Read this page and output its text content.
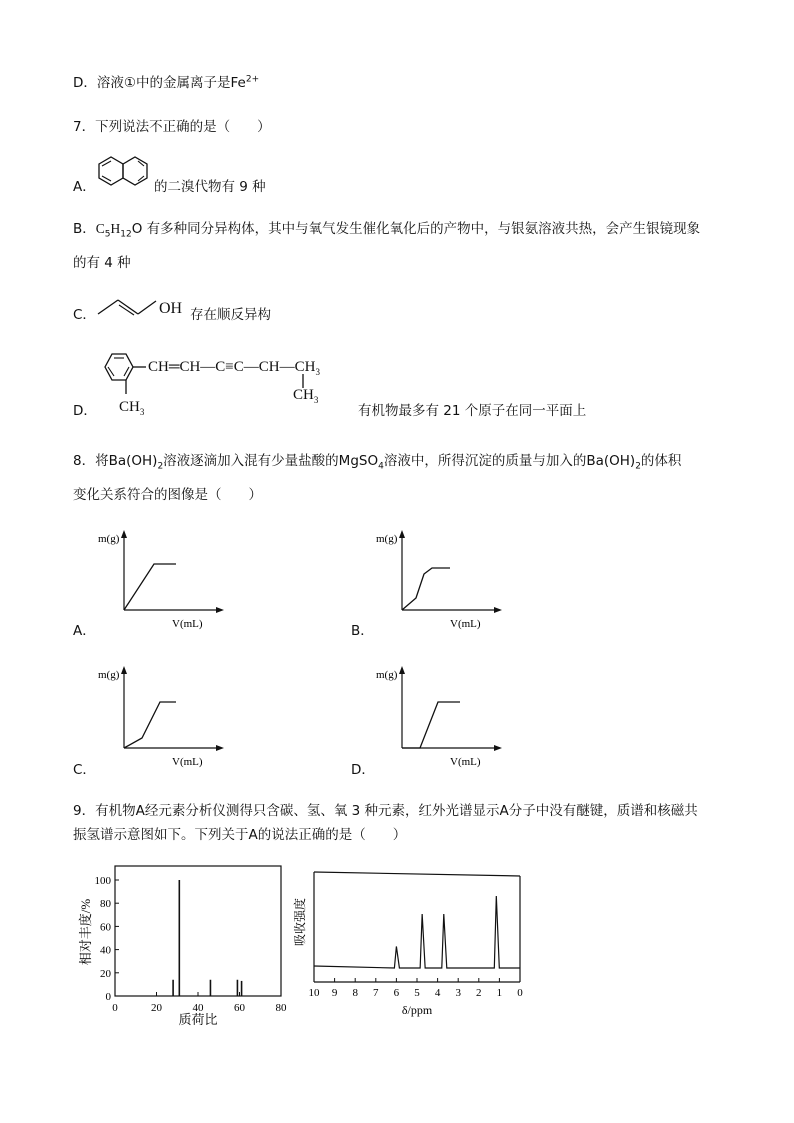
D．溶液①中的金属离子是$Fe^{2+}$
7．下列说法不正确的是（　　）
A．	的二溴代物有 9 种
B．$C_5H_{12}O$ 有多种同分异构体，其中与氧气发生催化氧化后的产物中，与银氨溶液共热，会产生银镜现象
的有 4 种
C．	OH 存在顺反异构
$CH═CH—C\equiv C—CH—CH_3$
$CH_3$
$CH_3$
D．	有机物最多有 21 个原子在同一平面上
8．将$Ba(OH)_2$溶液逐滴加入混有少量盐酸的MgSO$_4$溶液中，所得沉淀的质量与加入的$Ba(OH)_2$的体积
变化关系符合的图像是（　　）
m(g)
V(mL)
A．
m(g)
V(mL)
B．
m(g)
V(mL)
C．
m(g)
V(mL)
D．
9．有机物A经元素分析仪测得只含碳、氢、氧 3 种元素，红外光谱显示A分子中没有醚键，质谱和核磁共
振氢谱示意图如下。下列关于A的说法正确的是（　　）
0
20
40
60
80
100
0	20	40	60	80
质荷比
相对丰度/%
10 9 8 7 6 5 4 3 2 1 0
δ/ppm
吸收强度
